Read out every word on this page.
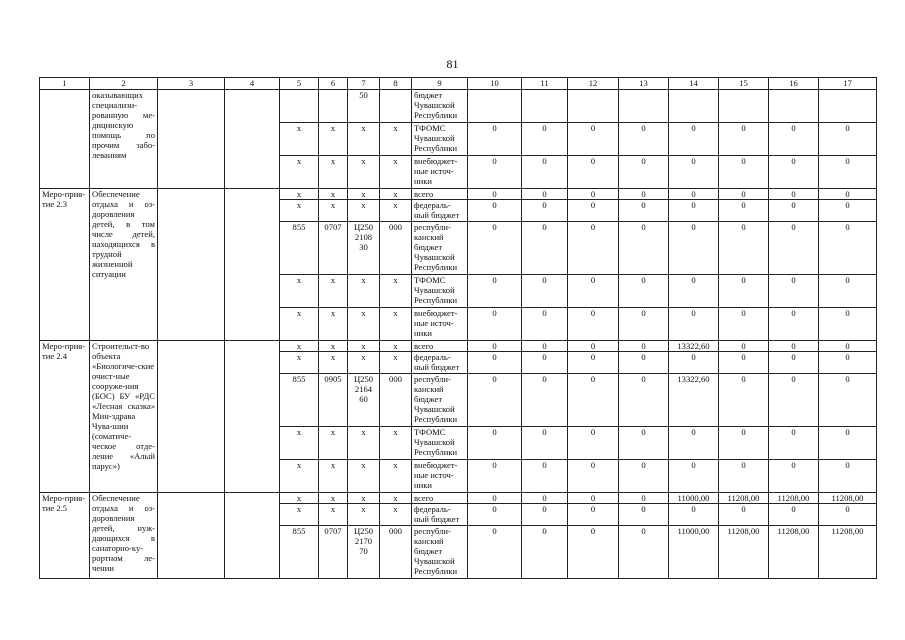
81
1	2	3	4	5	6	7	8	9	10	11	12	13	14	15	16	17
	оказывающих специализи-рованную ме-дицинскую помощь по прочим забо-леваниям					50		бюджет Чувашской Республики								
				x	x	x	x	ТФОМС Чувашской Республики	0	0	0	0	0	0	0	0
				x	x	x	x	внебюджет-ные источ-ники	0	0	0	0	0	0	0	0
Меро-прия-тие 2.3	Обеспечение отдыха и оз-доровления детей, в том числе детей, находящихся в трудной жизненной ситуации			x	x	x	x	всего	0	0	0	0	0	0	0	0
				x	x	x	x	федераль-ный бюджет	0	0	0	0	0	0	0	0
				855	0707	Ц250 2108 30	000	республи-канский бюджет Чувашской Республики	0	0	0	0	0	0	0	0
				x	x	x	x	ТФОМС Чувашской Республики	0	0	0	0	0	0	0	0
				x	x	x	x	внебюджет-ные источ-ники	0	0	0	0	0	0	0	0
Меро-прия-тие 2.4	Строительст-во объекта «Биологиче-ские очист-ные сооруже-ния (БОС) БУ «РДС «Лесная сказка» Мин-здрава Чува-шии (соматиче-ческое отде-ление «Алый парус»)			x	x	x	x	всего	0	0	0	0	13322,60	0	0	0
				x	x	x	x	федераль-ный бюджет	0	0	0	0	0	0	0	0
				855	0905	Ц250 2164 60	000	республи-канский бюджет Чувашской Республики	0	0	0	0	13322,60	0	0	0
				x	x	x	x	ТФОМС Чувашской Республики	0	0	0	0	0	0	0	0
				x	x	x	x	внебюджет-ные источ-ники	0	0	0	0	0	0	0	0
Меро-прия-тие 2.5	Обеспечение отдыха и оз-доровления детей, нуж-дающихся в санаторно-ку-рортном ле-чении			x	x	x	x	всего	0	0	0	0	11000,00	11208,00	11208,00	11208,00
				x	x	x	x	федераль-ный бюджет	0	0	0	0	0	0	0	0
				855	0707	Ц250 2170 70	000	республи-канский бюджет Чувашской Республики	0	0	0	0	11000,00	11208,00	11208,00	11208,00
